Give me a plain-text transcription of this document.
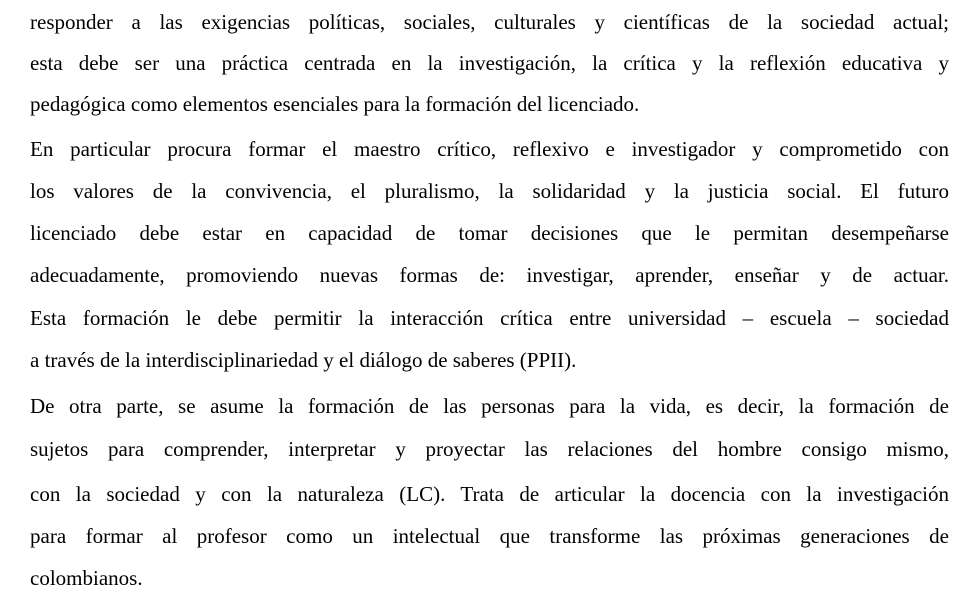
responder a las exigencias políticas, sociales, culturales y científicas de la sociedad actual;
esta debe ser una práctica centrada en la investigación, la crítica y la reflexión educativa y
pedagógica como elementos esenciales para la formación del licenciado.
En particular procura formar el maestro crítico, reflexivo e investigador y comprometido con
los valores de la convivencia, el pluralismo, la solidaridad y la justicia social. El futuro
licenciado debe estar en capacidad de tomar decisiones que le permitan desempeñarse
adecuadamente, promoviendo nuevas formas de: investigar, aprender, enseñar y de actuar.
Esta formación le debe permitir la interacción crítica entre universidad – escuela – sociedad
a través de la interdisciplinariedad y el diálogo de saberes (PPII).
De otra parte, se asume la formación de las personas para la vida, es decir, la formación de
sujetos para comprender, interpretar y proyectar las relaciones del hombre consigo mismo,
con la sociedad y con la naturaleza (LC). Trata de articular la docencia con la investigación
para formar al profesor como un intelectual que transforme las próximas generaciones de
colombianos.
